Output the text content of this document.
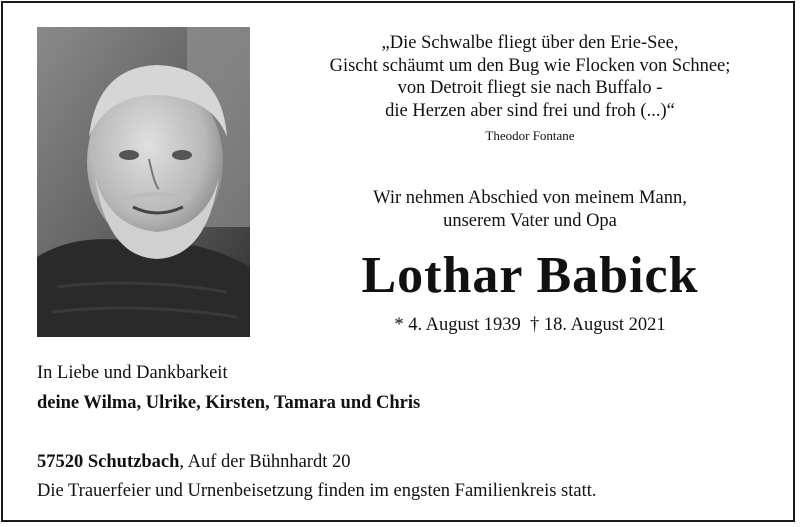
„Die Schwalbe fliegt über den Erie-See,
Gischt schäumt um den Bug wie Flocken von Schnee;
von Detroit fliegt sie nach Buffalo -
die Herzen aber sind frei und froh (...)“
Theodor Fontane
Wir nehmen Abschied von meinem Mann,
unserem Vater und Opa
Lothar Babick
* 4. August 1939  † 18. August 2021
In Liebe und Dankbarkeit
deine Wilma, Ulrike, Kirsten, Tamara und Chris
57520 Schutzbach, Auf der Bühnhardt 20
Die Trauerfeier und Urnenbeisetzung finden im engsten Familienkreis statt.
